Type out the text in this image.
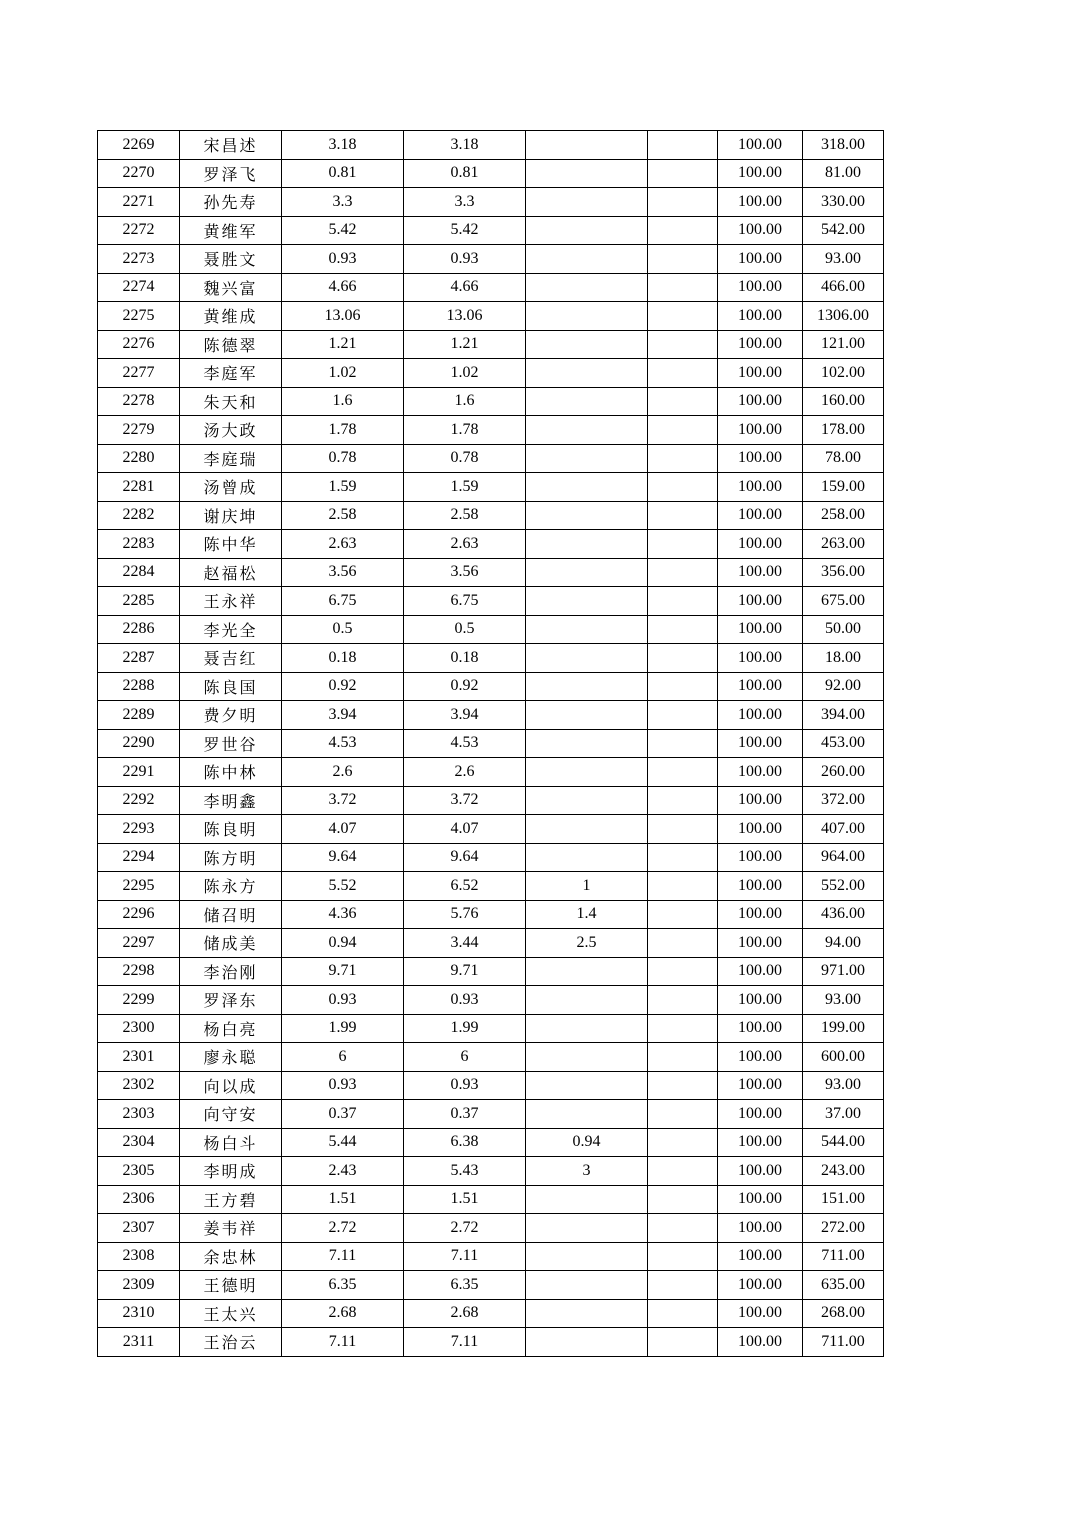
2269	宋昌述	3.18	3.18			100.00	318.00
2270	罗泽飞	0.81	0.81			100.00	81.00
2271	孙先寿	3.3	3.3			100.00	330.00
2272	黄维军	5.42	5.42			100.00	542.00
2273	聂胜文	0.93	0.93			100.00	93.00
2274	魏兴富	4.66	4.66			100.00	466.00
2275	黄维成	13.06	13.06			100.00	1306.00
2276	陈德翠	1.21	1.21			100.00	121.00
2277	李庭军	1.02	1.02			100.00	102.00
2278	朱天和	1.6	1.6			100.00	160.00
2279	汤大政	1.78	1.78			100.00	178.00
2280	李庭瑞	0.78	0.78			100.00	78.00
2281	汤曾成	1.59	1.59			100.00	159.00
2282	谢庆坤	2.58	2.58			100.00	258.00
2283	陈中华	2.63	2.63			100.00	263.00
2284	赵福松	3.56	3.56			100.00	356.00
2285	王永祥	6.75	6.75			100.00	675.00
2286	李光全	0.5	0.5			100.00	50.00
2287	聂吉红	0.18	0.18			100.00	18.00
2288	陈良国	0.92	0.92			100.00	92.00
2289	费夕明	3.94	3.94			100.00	394.00
2290	罗世谷	4.53	4.53			100.00	453.00
2291	陈中林	2.6	2.6			100.00	260.00
2292	李明鑫	3.72	3.72			100.00	372.00
2293	陈良明	4.07	4.07			100.00	407.00
2294	陈方明	9.64	9.64			100.00	964.00
2295	陈永方	5.52	6.52	1		100.00	552.00
2296	储召明	4.36	5.76	1.4		100.00	436.00
2297	储成美	0.94	3.44	2.5		100.00	94.00
2298	李治刚	9.71	9.71			100.00	971.00
2299	罗泽东	0.93	0.93			100.00	93.00
2300	杨白亮	1.99	1.99			100.00	199.00
2301	廖永聪	6	6			100.00	600.00
2302	向以成	0.93	0.93			100.00	93.00
2303	向守安	0.37	0.37			100.00	37.00
2304	杨白斗	5.44	6.38	0.94		100.00	544.00
2305	李明成	2.43	5.43	3		100.00	243.00
2306	王方碧	1.51	1.51			100.00	151.00
2307	姜韦祥	2.72	2.72			100.00	272.00
2308	余忠林	7.11	7.11			100.00	711.00
2309	王德明	6.35	6.35			100.00	635.00
2310	王太兴	2.68	2.68			100.00	268.00
2311	王治云	7.11	7.11			100.00	711.00
